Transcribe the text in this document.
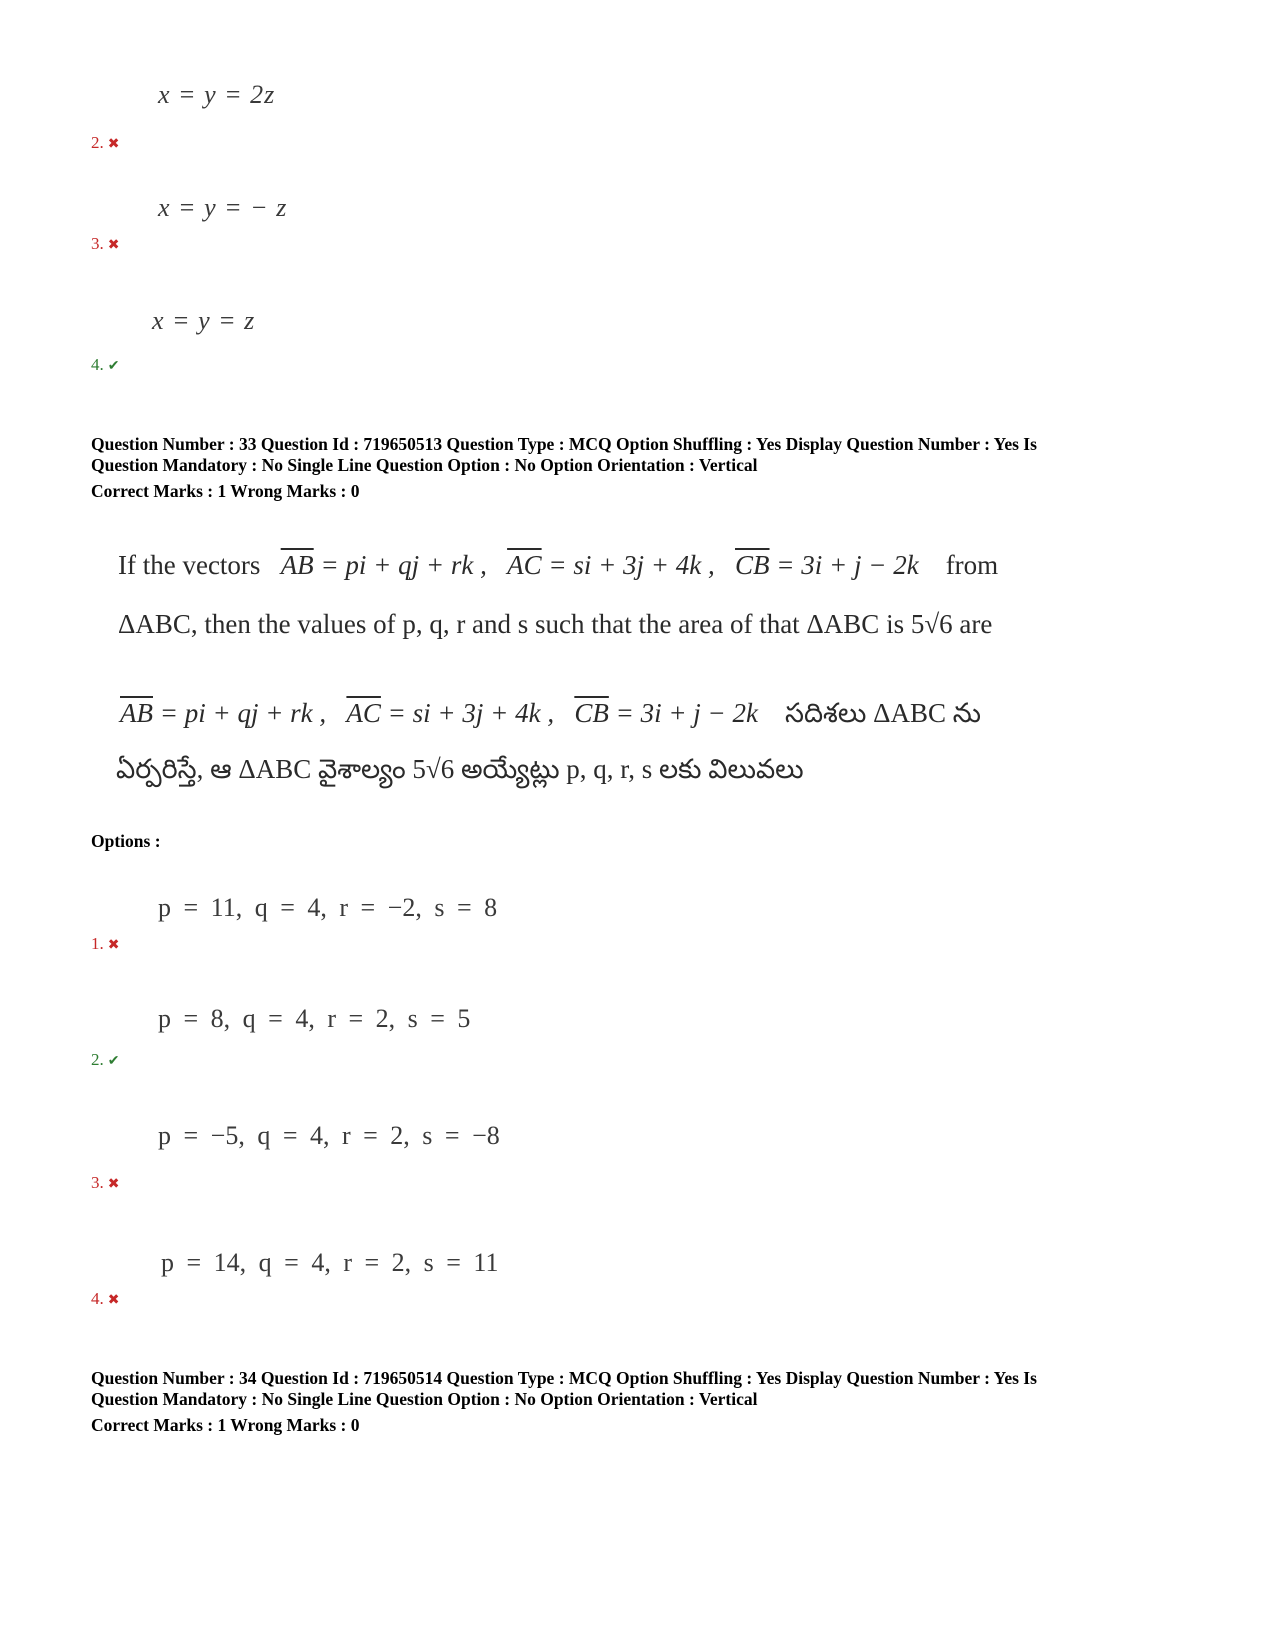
x = y = 2z
2. ✖
x = y = − z
3. ✖
x = y = z
4. ✔
Question Number : 33 Question Id : 719650513 Question Type : MCQ Option Shuffling : Yes Display Question Number : Yes Is
Question Mandatory : No Single Line Question Option : No Option Orientation : Vertical
Correct Marks : 1 Wrong Marks : 0
If the vectors $\overline{AB}$ = pi + qj + rk , $\overline{AC}$ = si + 3j + 4k , $\overline{CB} = 3i + j - 2k$ from
ΔABC, then the values of p, q, r and s such that the area of that ΔABC is 5√6 are
$\overline{AB}$ = pi + qj + rk , $\overline{AC}$ = si + 3j + 4k , $\overline{CB} = 3i + j - 2k$ సదిశలు ΔABC ను
ఏర్పరిస్తే, ఆ ΔABC వైశాల్యం 5√6 అయ్యేట్లు p, q, r, s లకు విలువలు
Options :
p = 11, q = 4, r = −2, s = 8
1. ✖
p = 8, q = 4, r = 2, s = 5
2. ✔
p = −5, q = 4, r = 2, s = −8
3. ✖
p = 14, q = 4, r = 2, s = 11
4. ✖
Question Number : 34 Question Id : 719650514 Question Type : MCQ Option Shuffling : Yes Display Question Number : Yes Is
Question Mandatory : No Single Line Question Option : No Option Orientation : Vertical
Correct Marks : 1 Wrong Marks : 0
